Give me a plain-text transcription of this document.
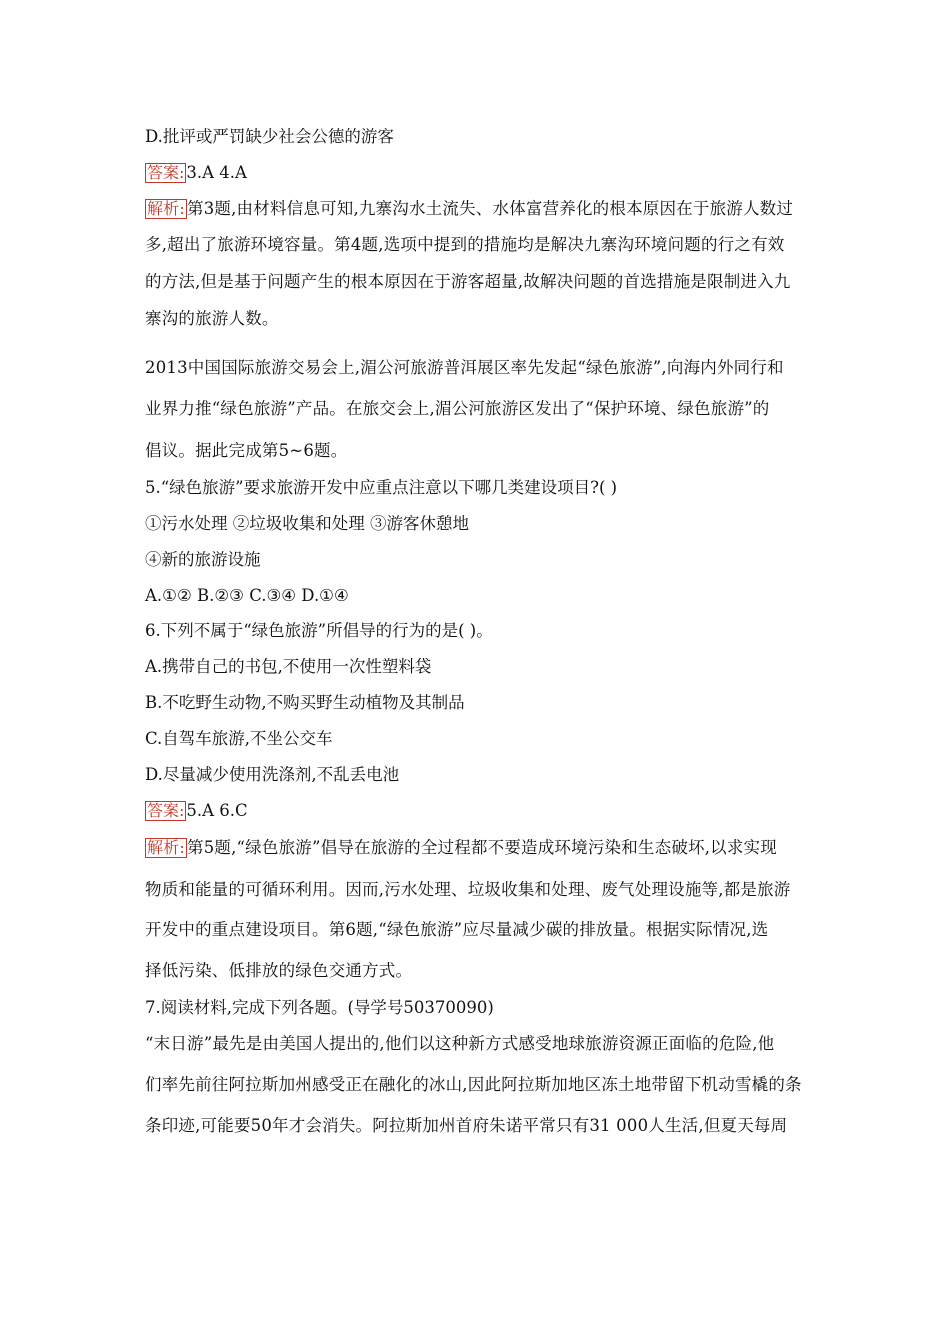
D.批评或严罚缺少社会公德的游客
答案: 3.A 4.A
解析: 第3题,由材料信息可知,九寨沟水土流失、水体富营养化的根本原因在于旅游人数过
多,超出了旅游环境容量。第4题,选项中提到的措施均是解决九寨沟环境问题的行之有效
的方法,但是基于问题产生的根本原因在于游客超量,故解决问题的首选措施是限制进入九
寨沟的旅游人数。
2013中国国际旅游交易会上,湄公河旅游普洱展区率先发起“绿色旅游”,向海内外同行和
业界力推“绿色旅游”产品。在旅交会上,湄公河旅游区发出了“保护环境、绿色旅游”的
倡议。据此完成第5~6题。
5.“绿色旅游”要求旅游开发中应重点注意以下哪几类建设项目?( )
①污水处理 ②垃圾收集和处理 ③游客休憩地
④新的旅游设施
A.①② B.②③ C.③④ D.①④
6.下列不属于“绿色旅游”所倡导的行为的是( )。
A.携带自己的书包,不使用一次性塑料袋
B.不吃野生动物,不购买野生动植物及其制品
C.自驾车旅游,不坐公交车
D.尽量减少使用洗涤剂,不乱丢电池
答案: 5.A 6.C
解析: 第5题,“绿色旅游”倡导在旅游的全过程都不要造成环境污染和生态破坏,以求实现
物质和能量的可循环利用。因而,污水处理、垃圾收集和处理、废气处理设施等,都是旅游
开发中的重点建设项目。第6题,“绿色旅游”应尽量减少碳的排放量。根据实际情况,选
择低污染、低排放的绿色交通方式。
7.阅读材料,完成下列各题。(导学号50370090)
“末日游”最先是由美国人提出的,他们以这种新方式感受地球旅游资源正面临的危险,他
们率先前往阿拉斯加州感受正在融化的冰山,因此阿拉斯加地区冻土地带留下机动雪橇的条
条印迹,可能要50年才会消失。阿拉斯加州首府朱诺平常只有31 000人生活,但夏天每周
